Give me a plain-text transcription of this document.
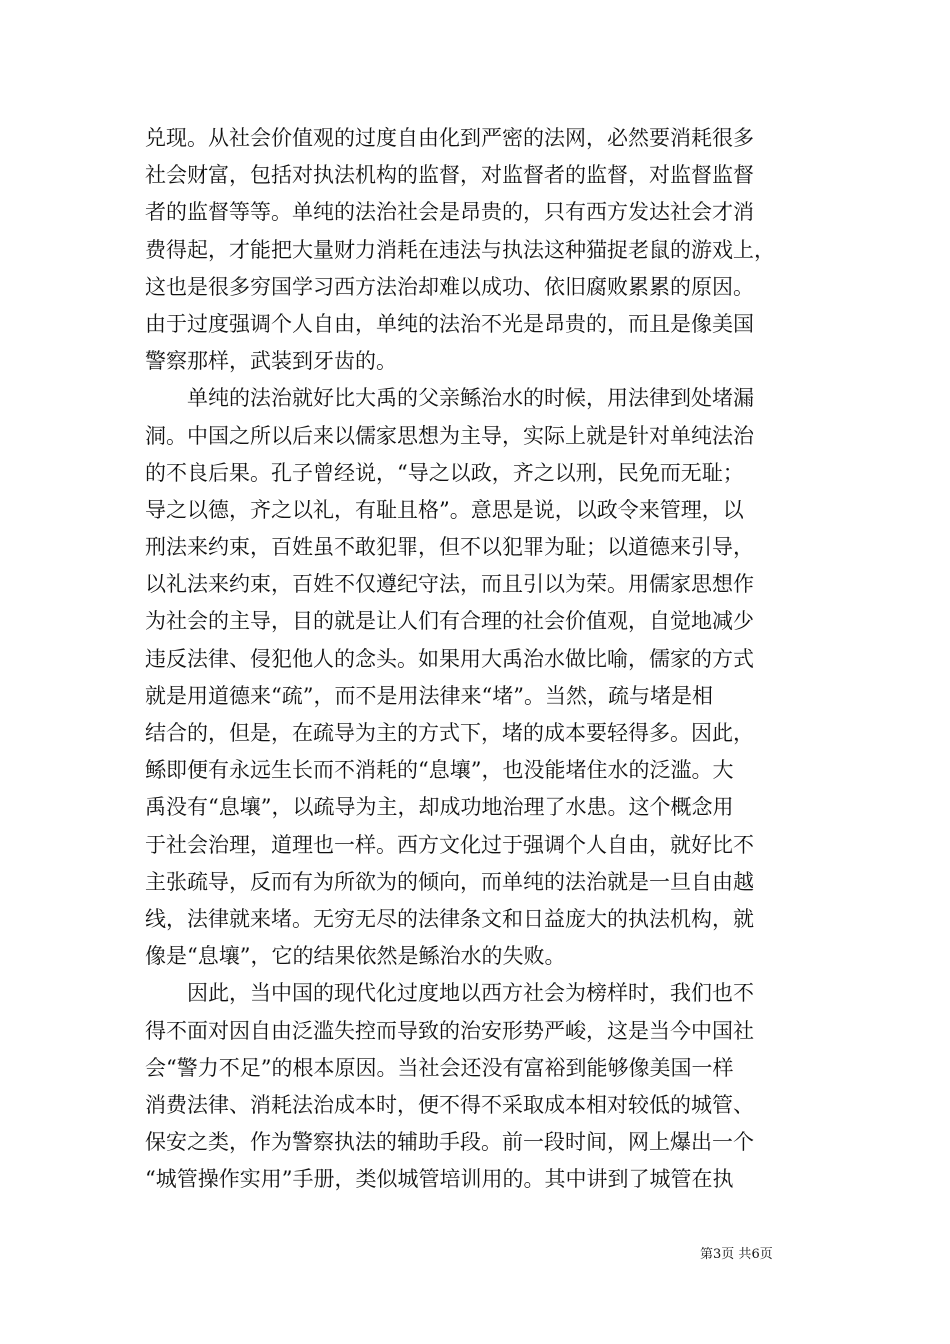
兑现。从社会价值观的过度自由化到严密的法网，必然要消耗很多
社会财富，包括对执法机构的监督，对监督者的监督，对监督监督
者的监督等等。单纯的法治社会是昂贵的，只有西方发达社会才消
费得起，才能把大量财力消耗在违法与执法这种猫捉老鼠的游戏上，
这也是很多穷国学习西方法治却难以成功、依旧腐败累累的原因。
由于过度强调个人自由，单纯的法治不光是昂贵的，而且是像美国
警察那样，武装到牙齿的。
单纯的法治就好比大禹的父亲鲧治水的时候，用法律到处堵漏
洞。中国之所以后来以儒家思想为主导，实际上就是针对单纯法治
的不良后果。孔子曾经说，“导之以政，齐之以刑，民免而无耻；
导之以德，齐之以礼，有耻且格”。意思是说，以政令来管理，以
刑法来约束，百姓虽不敢犯罪，但不以犯罪为耻；以道德来引导，
以礼法来约束，百姓不仅遵纪守法，而且引以为荣。用儒家思想作
为社会的主导，目的就是让人们有合理的社会价值观，自觉地减少
违反法律、侵犯他人的念头。如果用大禹治水做比喻，儒家的方式
就是用道德来“疏”，而不是用法律来“堵”。当然，疏与堵是相
结合的，但是，在疏导为主的方式下，堵的成本要轻得多。因此，
鲧即便有永远生长而不消耗的“息壤”，也没能堵住水的泛滥。大
禹没有“息壤”，以疏导为主，却成功地治理了水患。这个概念用
于社会治理，道理也一样。西方文化过于强调个人自由，就好比不
主张疏导，反而有为所欲为的倾向，而单纯的法治就是一旦自由越
线，法律就来堵。无穷无尽的法律条文和日益庞大的执法机构，就
像是“息壤”，它的结果依然是鲧治水的失败。
因此，当中国的现代化过度地以西方社会为榜样时，我们也不
得不面对因自由泛滥失控而导致的治安形势严峻，这是当今中国社
会“警力不足”的根本原因。当社会还没有富裕到能够像美国一样
消费法律、消耗法治成本时，便不得不采取成本相对较低的城管、
保安之类，作为警察执法的辅助手段。前一段时间，网上爆出一个
“城管操作实用”手册，类似城管培训用的。其中讲到了城管在执
第3页 共6页
